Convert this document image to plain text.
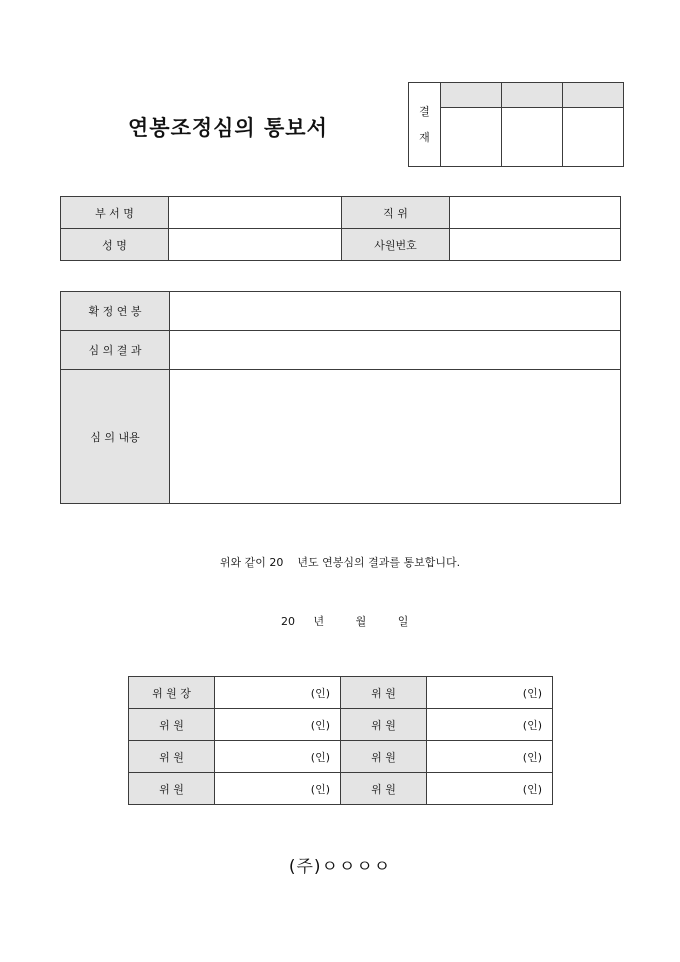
연봉조정심의 통보서
결
재			

부 서 명		직 위	
성 명		사원번호	
확 정 연 봉	
심 의 결 과	
심 의 내용	
위와 같이 20    년도 연봉심의 결과를 통보합니다.
20 년	월	일
위 원 장	(인)	위 원	(인)
위 원	(인)	위 원	(인)
위 원	(인)	위 원	(인)
위 원	(인)	위 원	(인)
(주)ㅇㅇㅇㅇ
